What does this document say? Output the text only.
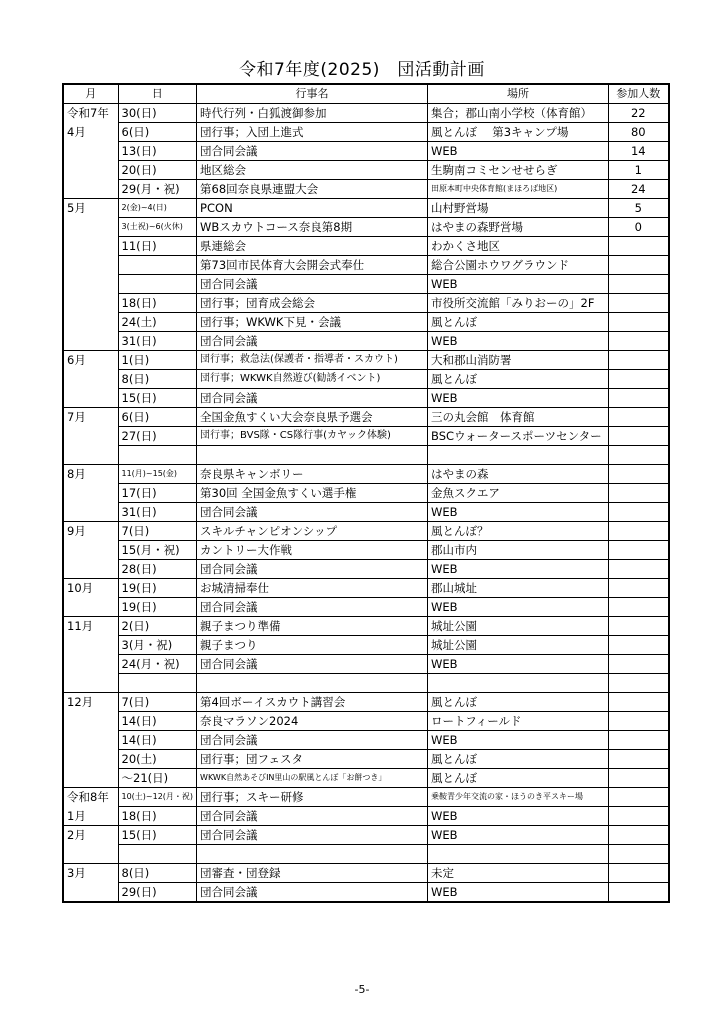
令和7年度(2025)　団活動計画
月	日	行事名	場所	参加人数
令和7年	30(日)	時代行列・白狐渡御参加	集合；郡山南小学校（体育館）	22
4月	6(日)	団行事；入団上進式	風とんぼ　 第3キャンプ場	80
	13(日)	団合同会議	WEB	14
	20(日)	地区総会	生駒南コミセンせせらぎ	1
	29(月・祝)	第68回奈良県連盟大会	田原本町中央体育館(まほろば地区)	24
5月	2(金)~4(日)	PCON	山村野営場	5
	3(土祝)~6(火休)	WBスカウトコース奈良第8期	はやまの森野営場	0
	11(日)	県連総会	わかくさ地区	
		第73回市民体育大会開会式奉仕	総合公園ホウワグラウンド	
		団合同会議	WEB	
	18(日)	団行事；団育成会総会	市役所交流館「みりおーの」2F	
	24(土)	団行事；WKWK下見・会議	風とんぼ	
	31(日)	団合同会議	WEB	
6月	1(日)	団行事；救急法(保護者・指導者・スカウト)	大和郡山消防署	
	8(日)	団行事；WKWK自然遊び(勧誘イベント)	風とんぼ	
	15(日)	団合同会議	WEB	
7月	6(日)	全国金魚すくい大会奈良県予選会	三の丸会館　体育館	
	27(日)	団行事；BVS隊・CS隊行事(カヤック体験)	BSCウォータースポーツセンター	

8月	11(月)~15(金)	奈良県キャンボリー	はやまの森	
	17(日)	第30回 全国金魚すくい選手権	金魚スクエア	
	31(日)	団合同会議	WEB	
9月	7(日)	スキルチャンピオンシップ	風とんぼ？	
	15(月・祝)	カントリー大作戦	郡山市内	
	28(日)	団合同会議	WEB	
10月	19(日)	お城清掃奉仕	郡山城址	
	19(日)	団合同会議	WEB	
11月	2(日)	親子まつり準備	城址公園	
	3(月・祝)	親子まつり	城址公園	
	24(月・祝)	団合同会議	WEB	

12月	7(日)	第4回ボーイスカウト講習会	風とんぼ	
	14(日)	奈良マラソン2024	ロートフィールド	
	14(日)	団合同会議	WEB	
	20(土)	団行事；団フェスタ	風とんぼ	
	～21(日)	WKWK自然あそびIN里山の駅風とんぼ「お餅つき」	風とんぼ	
令和8年	10(土)~12(月・祝)	団行事；スキー研修	乗鞍青少年交流の家・ほうのき平スキー場	
1月	18(日)	団合同会議	WEB	
2月	15(日)	団合同会議	WEB	

3月	8(日)	団審査・団登録	未定	
	29(日)	団合同会議	WEB	
-5-
